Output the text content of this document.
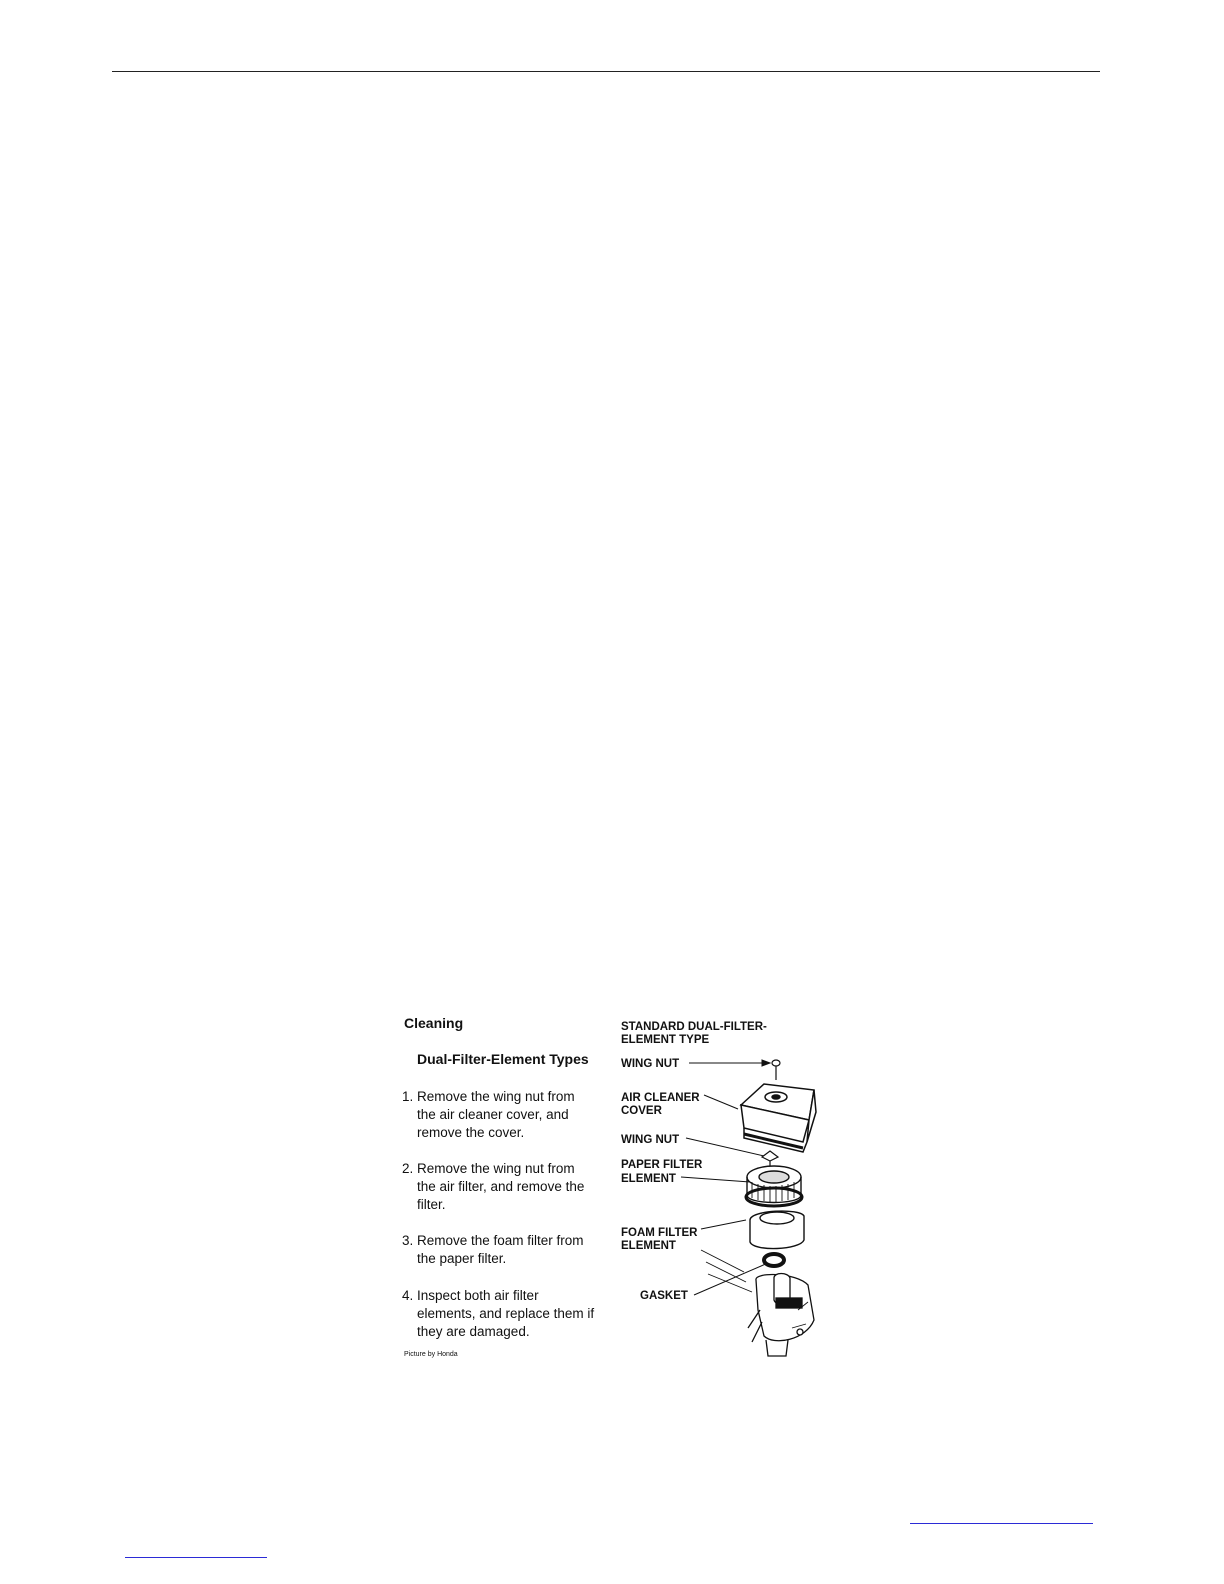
Cleaning
Dual-Filter-Element Types
1. Remove the wing nut from
the air cleaner cover, and
remove the cover.
2. Remove the wing nut from
the air filter, and remove the
filter.
3. Remove the foam filter from
the paper filter.
4. Inspect both air filter
elements, and replace them if
they are damaged.
Picture by Honda
STANDARD DUAL-FILTER-
ELEMENT TYPE
WING NUT
AIR CLEANER
COVER
WING NUT
PAPER FILTER
ELEMENT
FOAM FILTER
ELEMENT
GASKET
